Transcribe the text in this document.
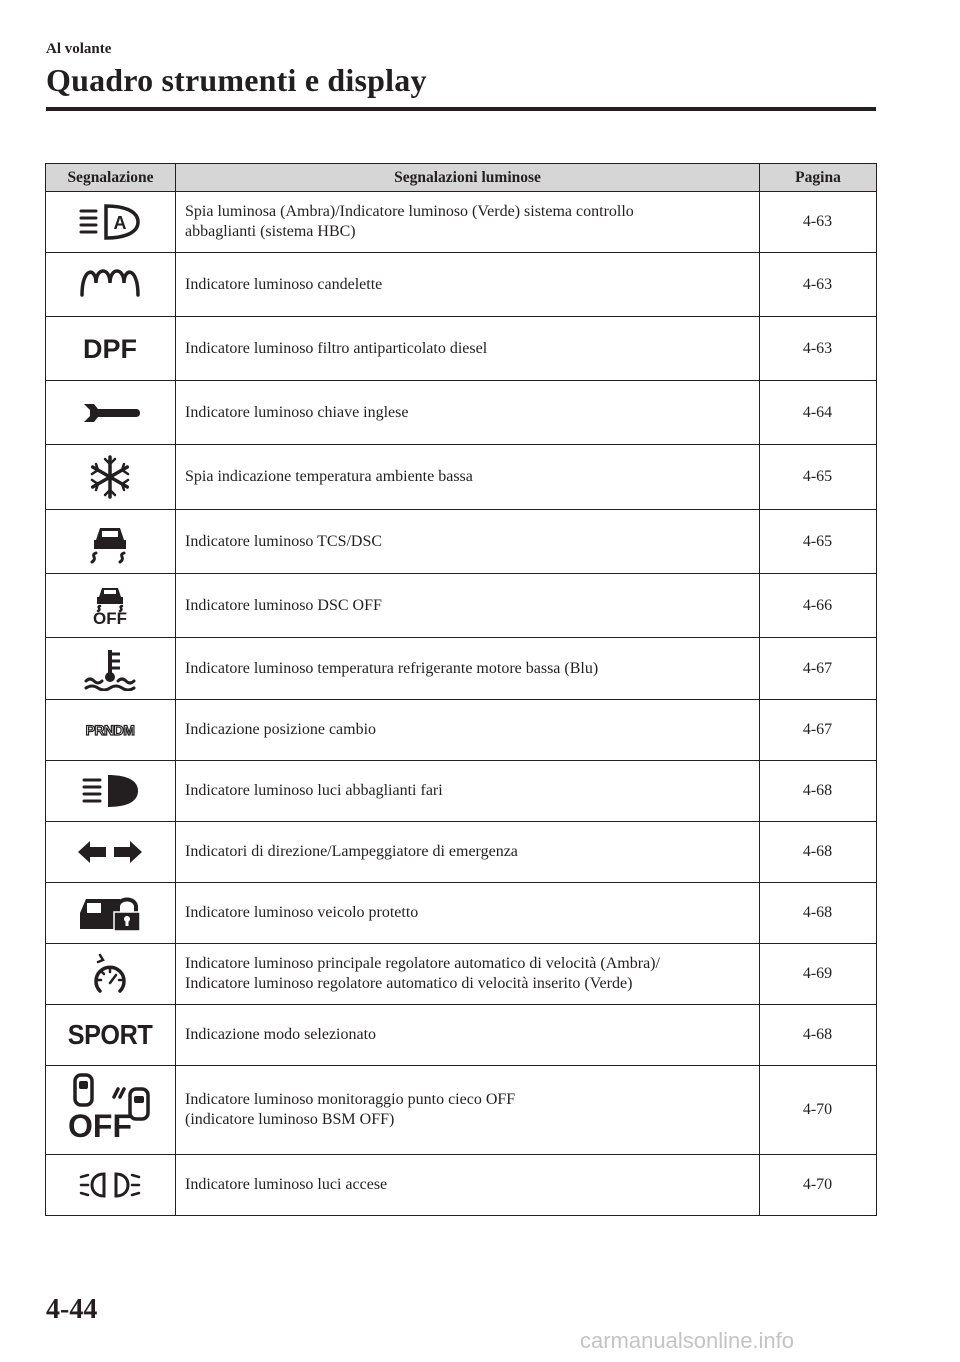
Al volante
Quadro strumenti e display
Segnalazione	Segnalazioni luminose	Pagina

A	Spia luminosa (Ambra)/Indicatore luminoso (Verde) sistema controllo
abbaglianti (sistema HBC)	4-63

	Indicatore luminoso candelette	4-63

DPF	Indicatore luminoso filtro antiparticolato diesel	4-63

	Indicatore luminoso chiave inglese	4-64

	Spia indicazione temperatura ambiente bassa	4-65

	Indicatore luminoso TCS/DSC	4-65

OFF	Indicatore luminoso DSC OFF	4-66

	Indicatore luminoso temperatura refrigerante motore bassa (Blu)	4-67

PRNDM	Indicazione posizione cambio	4-67

	Indicatore luminoso luci abbaglianti fari	4-68

	Indicatori di direzione/Lampeggiatore di emergenza	4-68

	Indicatore luminoso veicolo protetto	4-68

	Indicatore luminoso principale regolatore automatico di velocità (Ambra)/
Indicatore luminoso regolatore automatico di velocità inserito (Verde)	4-69

SPORT	Indicazione modo selezionato	4-68

OFF	Indicatore luminoso monitoraggio punto cieco OFF
(indicatore luminoso BSM OFF)	4-70

	Indicatore luminoso luci accese	4-70
4-44
carmanualsonline.info
